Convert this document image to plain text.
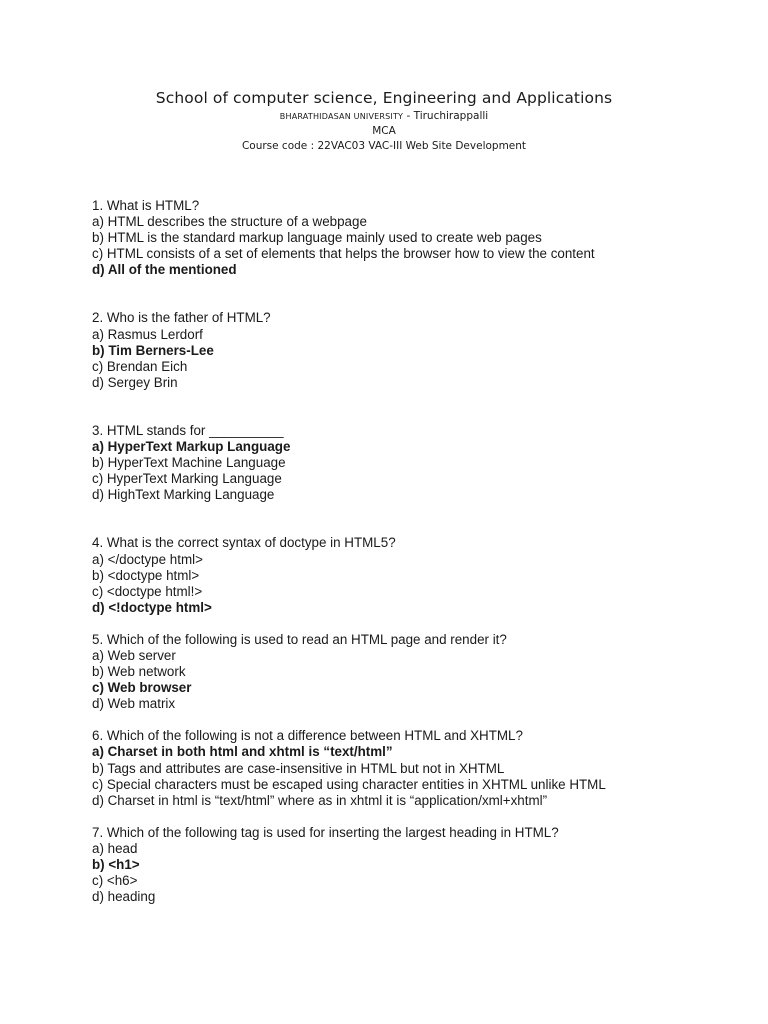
School of computer science, Engineering and Applications
BHARATHIDASAN UNIVERSITY - Tiruchirappalli
MCA
Course code : 22VAC03 VAC-III Web Site Development
1. What is HTML?
a) HTML describes the structure of a webpage
b) HTML is the standard markup language mainly used to create web pages
c) HTML consists of a set of elements that helps the browser how to view the content
d) All of the mentioned
2. Who is the father of HTML?
a) Rasmus Lerdorf
b) Tim Berners-Lee
c) Brendan Eich
d) Sergey Brin
3. HTML stands for __________
a) HyperText Markup Language
b) HyperText Machine Language
c) HyperText Marking Language
d) HighText Marking Language
4. What is the correct syntax of doctype in HTML5?
a) </doctype html>
b) <doctype html>
c) <doctype html!>
d) <!doctype html>
5. Which of the following is used to read an HTML page and render it?
a) Web server
b) Web network
c) Web browser
d) Web matrix
6. Which of the following is not a difference between HTML and XHTML?
a) Charset in both html and xhtml is “text/html”
b) Tags and attributes are case-insensitive in HTML but not in XHTML
c) Special characters must be escaped using character entities in XHTML unlike HTML
d) Charset in html is “text/html” where as in xhtml it is “application/xml+xhtml”
7. Which of the following tag is used for inserting the largest heading in HTML?
a) head
b) <h1>
c) <h6>
d) heading
